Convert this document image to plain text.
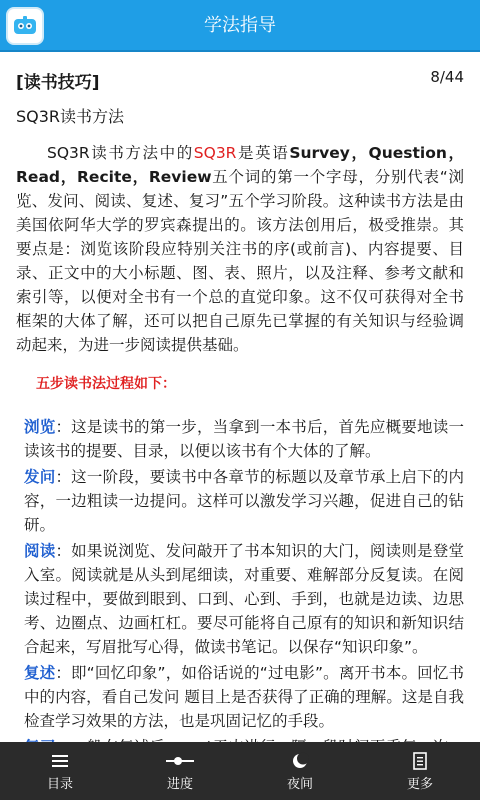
学法指导
[读书技巧]	8/44
SQ3R读书方法
SQ3R读书方法中的SQ3R是英语Survey，Question，Read，Recite，Review五个词的第一个字母，分别代表“浏览、发问、阅读、复述、复习”五个学习阶段。这种读书方法是由美国依阿华大学的罗宾森提出的。该方法创用后，极受推崇。其要点是：浏览该阶段应特别关注书的序(或前言)、内容提要、目录、正文中的大小标题、图、表、照片，以及注释、参考文献和索引等，以便对全书有一个总的直觉印象。这不仅可获得对全书框架的大体了解，还可以把自己原先已掌握的有关知识与经验调动起来，为进一步阅读提供基础。
五步读书法过程如下：
浏览：这是读书的第一步，当拿到一本书后，首先应概要地读一读该书的提要、目录，以便以该书有个大体的了解。
发问：这一阶段，要读书中各章节的标题以及章节承上启下的内容，一边粗读一边提问。这样可以激发学习兴趣，促进自己的钻研。
阅读：如果说浏览、发问敲开了书本知识的大门，阅读则是登堂入室。阅读就是从头到尾细读，对重要、难解部分反复读。在阅读过程中，要做到眼到、口到、心到、手到，也就是边读、边思考、边圈点、边画杠杠。要尽可能将自己原有的知识和新知识结合起来，写眉批写心得，做读书笔记。以保存“知识印象”。
复述：即“回忆印象”，如俗话说的“过电影”。离开书本。回忆书中的内容，看自己发问 题目上是否获得了正确的理解。这是自我检查学习效果的方法，也是巩固记忆的手段。
目录	进度	夜间	更多
